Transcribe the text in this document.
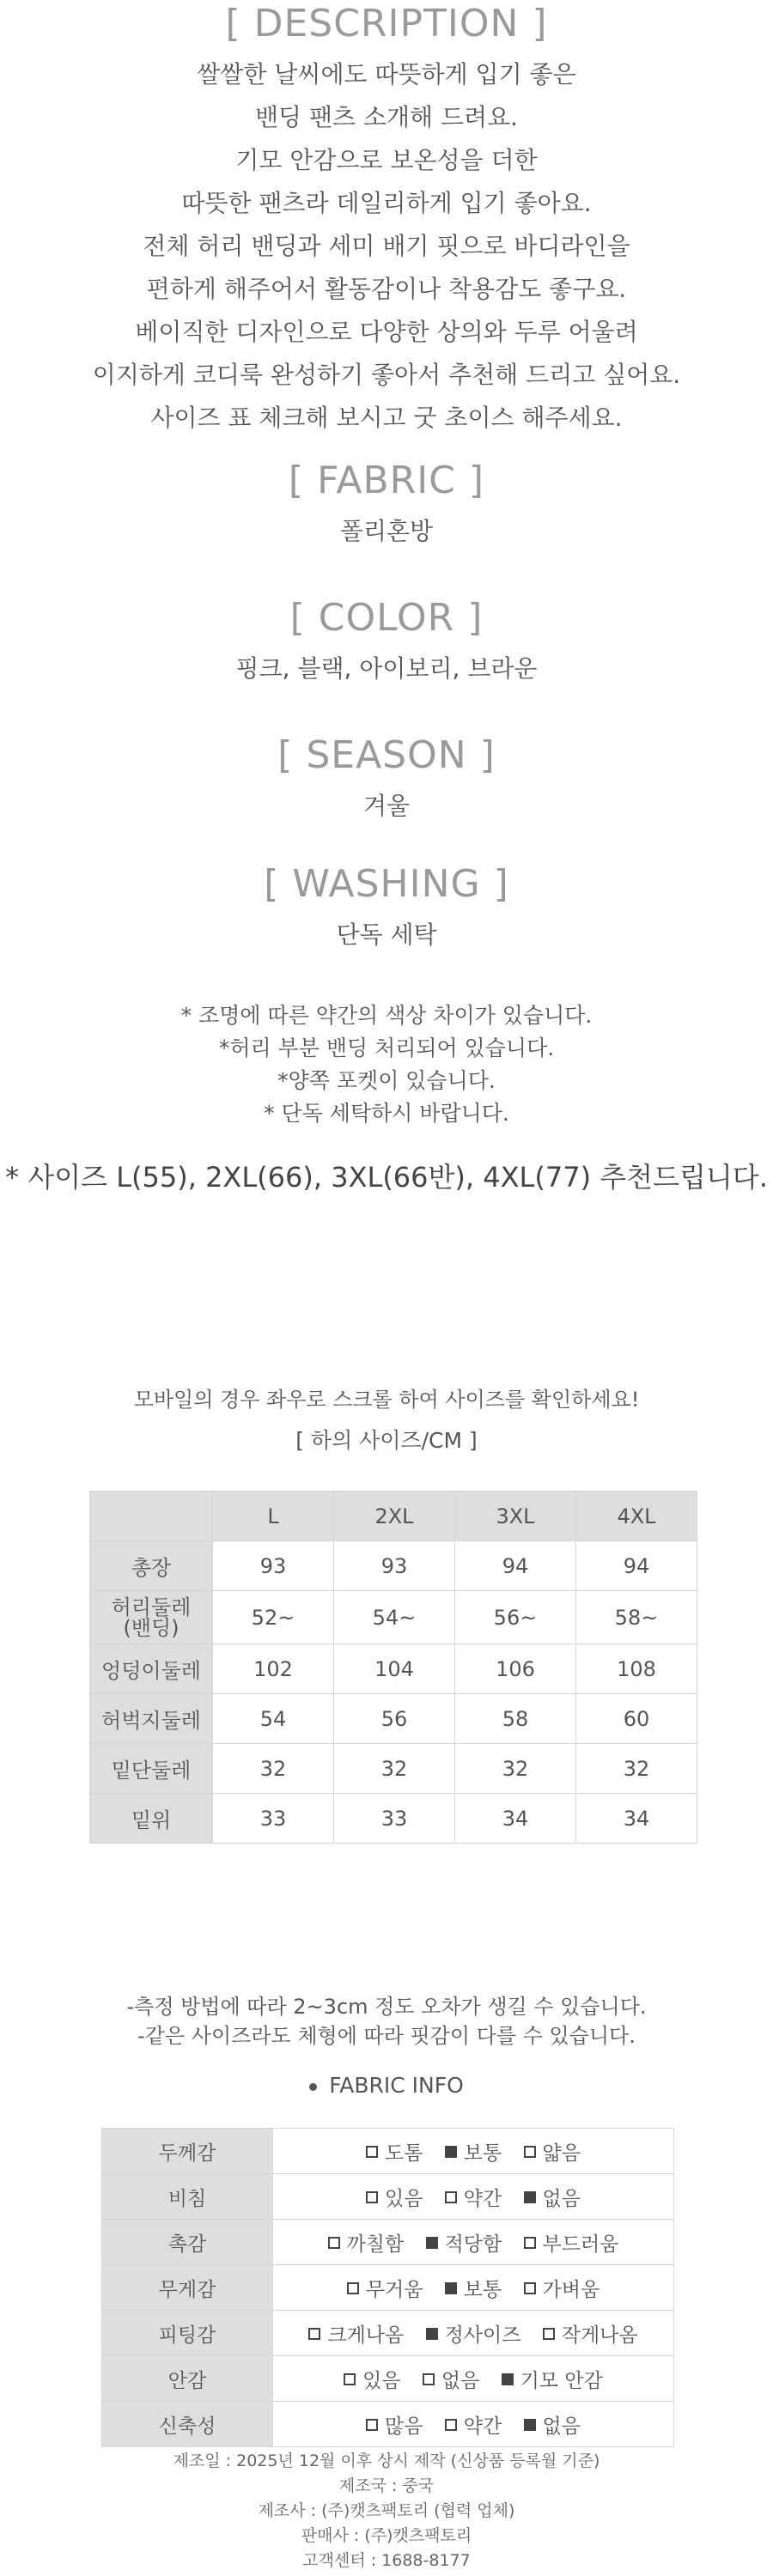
[ DESCRIPTION ]
쌀쌀한 날씨에도 따뜻하게 입기 좋은
밴딩 팬츠 소개해 드려요.
기모 안감으로 보온성을 더한
따뜻한 팬츠라 데일리하게 입기 좋아요.
전체 허리 밴딩과 세미 배기 핏으로 바디라인을
편하게 해주어서 활동감이나 착용감도 좋구요.
베이직한 디자인으로 다양한 상의와 두루 어울려
이지하게 코디룩 완성하기 좋아서 추천해 드리고 싶어요.
사이즈 표 체크해 보시고 굿 초이스 해주세요.
[ FABRIC ]
폴리혼방
[ COLOR ]
핑크, 블랙, 아이보리, 브라운
[ SEASON ]
겨울
[ WASHING ]
단독 세탁
* 조명에 따른 약간의 색상 차이가 있습니다.
*허리 부분 밴딩 처리되어 있습니다.
*양쪽 포켓이 있습니다.
* 단독 세탁하시 바랍니다.
* 사이즈 L(55), 2XL(66), 3XL(66반), 4XL(77) 추천드립니다.
모바일의 경우 좌우로 스크롤 하여 사이즈를 확인하세요!
[ 하의 사이즈/CM ]
	L	2XL	3XL	4XL
총장	93	93	94	94
허리둘레
(밴딩)	52~	54~	56~	58~
엉덩이둘레	102	104	106	108
허벅지둘레	54	56	58	60
밑단둘레	32	32	32	32
밑위	33	33	34	34
-측정 방법에 따라 2~3cm 정도 오차가 생길 수 있습니다.
-같은 사이즈라도 체형에 따라 핏감이 다를 수 있습니다.
FABRIC INFO
두께감	도톰 보통 얇음
비침	있음 약간 없음
촉감	까칠함 적당함 부드러움
무게감	무거움 보통 가벼움
피팅감	크게나옴 정사이즈 작게나옴
안감	있음 없음 기모 안감
신축성	많음 약간 없음
제조일 : 2025년 12월 이후 상시 제작 (신상품 등록월 기준)
제조국 : 중국
제조사 : (주)캣츠팩토리 (협력 업체)
판매사 : (주)캣츠팩토리
고객센터 : 1688-8177
